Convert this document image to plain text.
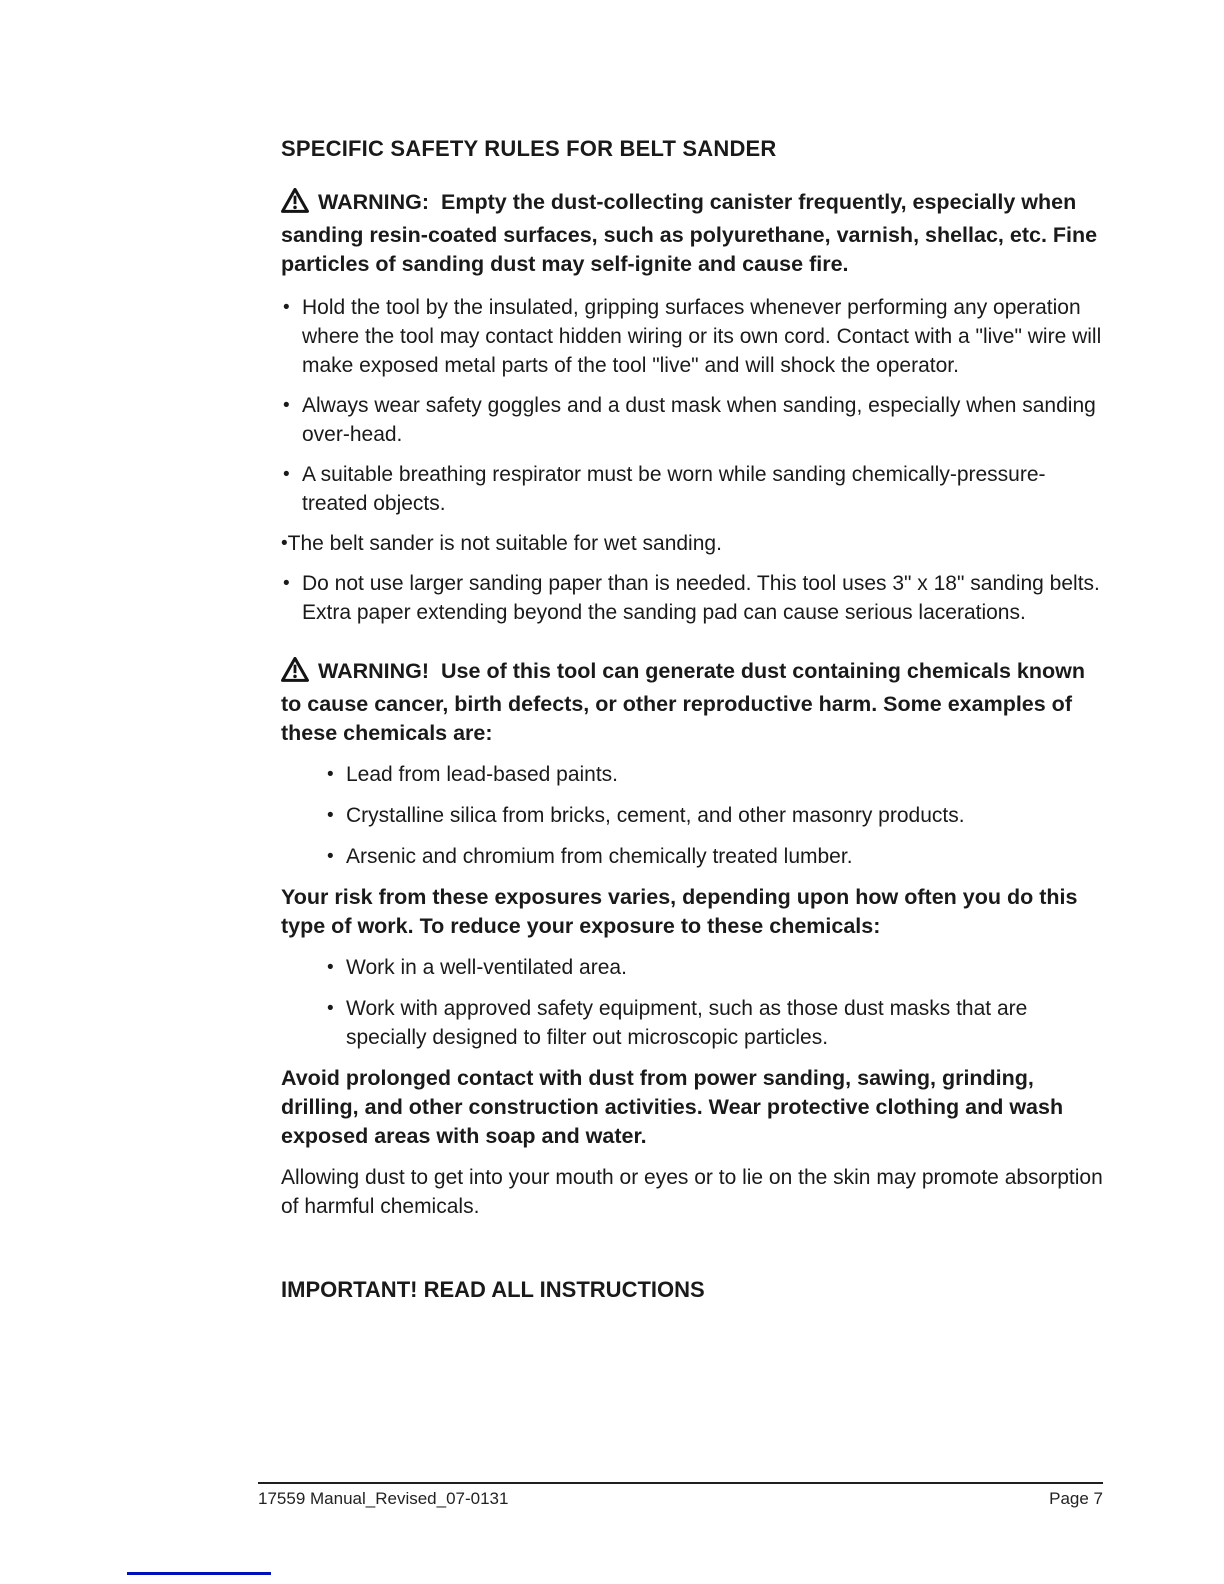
SPECIFIC SAFETY RULES FOR BELT SANDER

WARNING: Empty the dust-collecting canister frequently, especially when sanding resin-coated surfaces, such as polyurethane, varnish, shellac, etc. Fine particles of sanding dust may self-ignite and cause fire.

• Hold the tool by the insulated, gripping surfaces whenever performing any operation where the tool may contact hidden wiring or its own cord. Contact with a "live" wire will make exposed metal parts of the tool "live" and will shock the operator.
• Always wear safety goggles and a dust mask when sanding, especially when sanding over-head.
• A suitable breathing respirator must be worn while sanding chemically-pressure-treated objects.
• The belt sander is not suitable for wet sanding.
• Do not use larger sanding paper than is needed. This tool uses 3" x 18" sanding belts. Extra paper extending beyond the sanding pad can cause serious lacerations.

WARNING! Use of this tool can generate dust containing chemicals known to cause cancer, birth defects, or other reproductive harm. Some examples of these chemicals are:

• Lead from lead-based paints.
• Crystalline silica from bricks, cement, and other masonry products.
• Arsenic and chromium from chemically treated lumber.

Your risk from these exposures varies, depending upon how often you do this type of work. To reduce your exposure to these chemicals:

• Work in a well-ventilated area.
• Work with approved safety equipment, such as those dust masks that are specially designed to filter out microscopic particles.

Avoid prolonged contact with dust from power sanding, sawing, grinding, drilling, and other construction activities. Wear protective clothing and wash exposed areas with soap and water.

Allowing dust to get into your mouth or eyes or to lie on the skin may promote absorption of harmful chemicals.

IMPORTANT! READ ALL INSTRUCTIONS
17559 Manual_Revised_07-0131	Page 7
